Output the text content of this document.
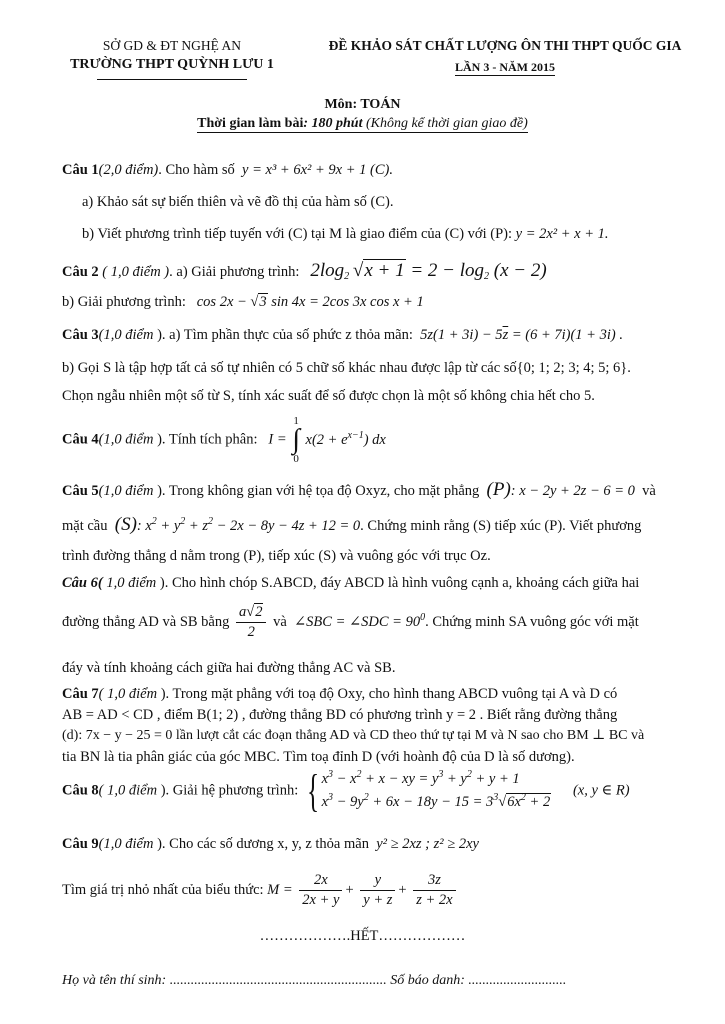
SỞ GD & ĐT NGHỆ AN
TRƯỜNG THPT QUỲNH LƯU 1
ĐỀ KHẢO SÁT CHẤT LƯỢNG ÔN THI THPT QUỐC GIA
LẦN 3 - NĂM 2015
Môn: TOÁN
Thời gian làm bài: 180 phút (Không kể thời gian giao đề)
Câu 1(2,0 điểm). Cho hàm số y = x³ + 6x² + 9x + 1 (C).
a) Khảo sát sự biến thiên và vẽ đồ thị của hàm số (C).
b) Viết phương trình tiếp tuyến với (C) tại M là giao điểm của (C) với (P): y = 2x² + x + 1.
Câu 2 ( 1,0 điểm ). a) Giải phương trình: $2\log_2$ $√x + 1 = 2 - \log_2 (x - 2)$
b) Giải phương trình: cos 2x − √3 sin 4x = 2cos 3x cos x + 1
Câu 3(1,0 điểm ). a) Tìm phần thực của số phức z thỏa mãn: $5z(1 + 3i) - 5\overline{z} = (6 + 7i)(1 + 3i)$ .
b) Gọi S là tập hợp tất cả số tự nhiên có 5 chữ số khác nhau được lập từ các số{0; 1; 2; 3; 4; 5; 6}.
Chọn ngẫu nhiên một số từ S, tính xác suất để số được chọn là một số không chia hết cho 5.
Câu 4(1,0 điểm ). Tính tích phân: I = 1
∫
0 $x(2 + e^{x-1})$ dx
Câu 5(1,0 điểm ). Trong không gian với hệ tọa độ Oxyz, cho mặt phẳng (P): x − 2y + 2z − 6 = 0 và
mặt cầu (S): $x^2 + y^2 + z^2 - 2x - 8y - 4z + 12 = 0$. Chứng minh rằng (S) tiếp xúc (P). Viết phương
trình đường thẳng d nằm trong (P), tiếp xúc (S) và vuông góc với trục Oz.
Câu 6( 1,0 điểm ). Cho hình chóp S.ABCD, đáy ABCD là hình vuông cạnh a, khoảng cách giữa hai
đường thẳng AD và SB bằng $\frac{a√2}{2}$ và ∠SBC = ∠SDC = $90^0$. Chứng minh SA vuông góc với mặt
đáy và tính khoảng cách giữa hai đường thẳng AC và SB.
Câu 7( 1,0 điểm ). Trong mặt phẳng với toạ độ Oxy, cho hình thang ABCD vuông tại A và D có
AB = AD < CD , điểm B(1; 2) , đường thẳng BD có phương trình y = 2 . Biết rằng đường thẳng
(d): 7x − y − 25 = 0 lần lượt cắt các đoạn thẳng AD và CD theo thứ tự tại M và N sao cho BM ⊥ BC và
tia BN là tia phân giác của góc MBC. Tìm toạ đỉnh D (với hoành độ của D là số dương).
Câu 8( 1,0 điểm ). Giải hệ phương trình: { $x^3 - x^2 + x$ − xy = $y^3 + y^2 + y + 1$
$x^3 - 9y^2 + 6x - 18y - 15 = 3^3√6x^2 + 2$
(x, y ∈ R)
Câu 9(1,0 điểm ). Cho các số dương x, y, z thỏa mãn y² ≥ 2xz ; z² ≥ 2xy
Tìm giá trị nhỏ nhất của biểu thức: $M = \frac{2x}{2x + y} + \frac{y}{y + z} + \frac{3z}{z + 2x}$
……………….HẾT………………
Họ và tên thí sinh: .............................................................. Số báo danh: ............................
